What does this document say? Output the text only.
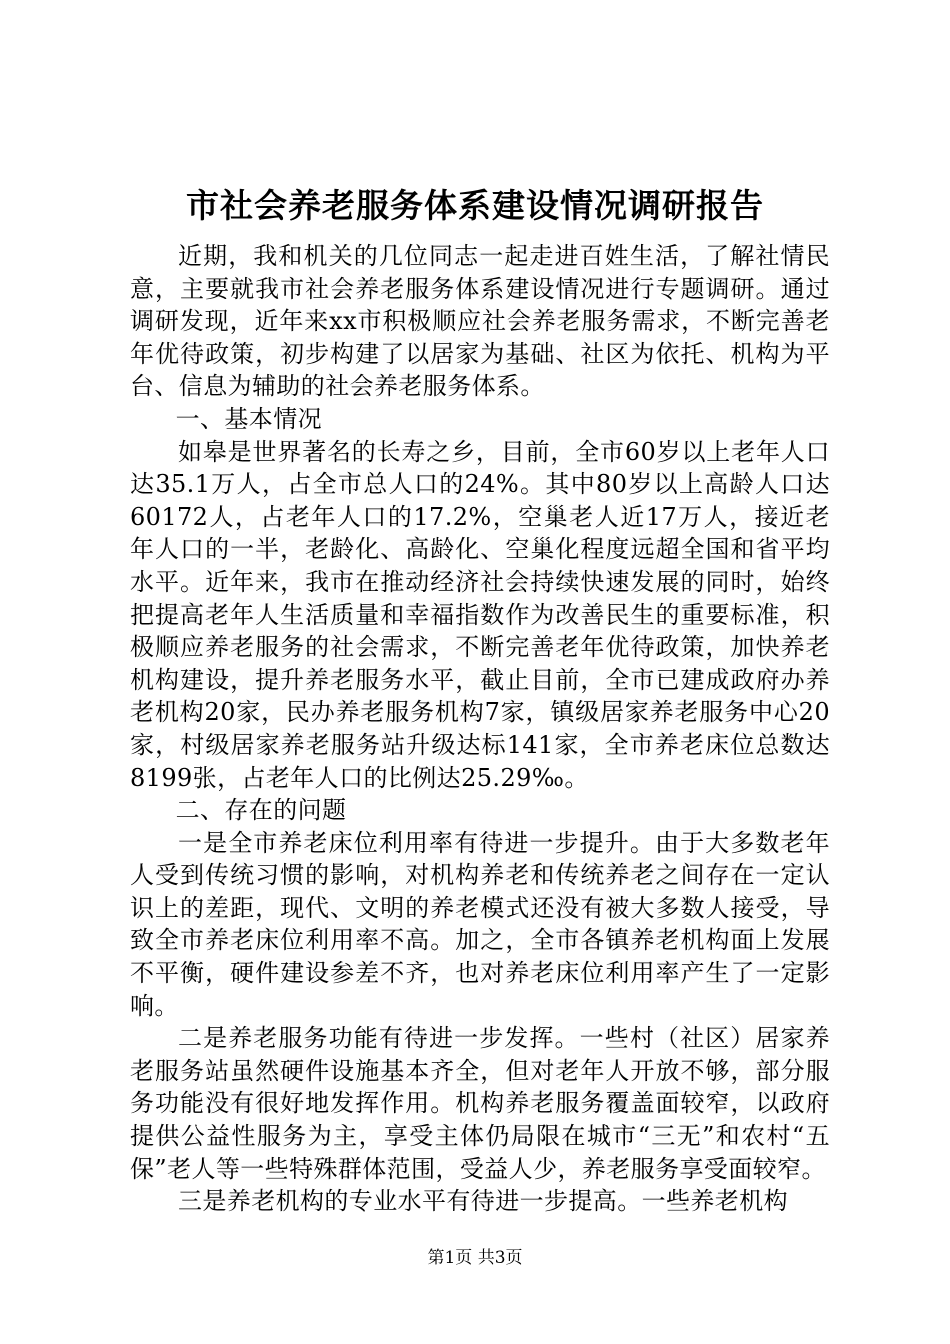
市社会养老服务体系建设情况调研报告

近期，我和机关的几位同志一起走进百姓生活，了解社情民意，主要就我市社会养老服务体系建设情况进行专题调研。通过调研发现，近年来xx市积极顺应社会养老服务需求，不断完善老年优待政策，初步构建了以居家为基础、社区为依托、机构为平台、信息为辅助的社会养老服务体系。

一、基本情况

如皋是世界著名的长寿之乡，目前，全市60岁以上老年人口达35.1万人，占全市总人口的24%。其中80岁以上高龄人口达60172人，占老年人口的17.2%，空巢老人近17万人，接近老年人口的一半，老龄化、高龄化、空巢化程度远超全国和省平均水平。近年来，我市在推动经济社会持续快速发展的同时，始终把提高老年人生活质量和幸福指数作为改善民生的重要标准，积极顺应养老服务的社会需求，不断完善老年优待政策，加快养老机构建设，提升养老服务水平，截止目前，全市已建成政府办养老机构20家，民办养老服务机构7家，镇级居家养老服务中心20家，村级居家养老服务站升级达标141家，全市养老床位总数达8199张，占老年人口的比例达25.29‰。

二、存在的问题

一是全市养老床位利用率有待进一步提升。由于大多数老年人受到传统习惯的影响，对机构养老和传统养老之间存在一定认识上的差距，现代、文明的养老模式还没有被大多数人接受，导致全市养老床位利用率不高。加之，全市各镇养老机构面上发展不平衡，硬件建设参差不齐，也对养老床位利用率产生了一定影响。

二是养老服务功能有待进一步发挥。一些村（社区）居家养老服务站虽然硬件设施基本齐全，但对老年人开放不够，部分服务功能没有很好地发挥作用。机构养老服务覆盖面较窄，以政府提供公益性服务为主，享受主体仍局限在城市“三无”和农村“五保”老人等一些特殊群体范围，受益人少，养老服务享受面较窄。

三是养老机构的专业水平有待进一步提高。一些养老机构

第1页 共3页
